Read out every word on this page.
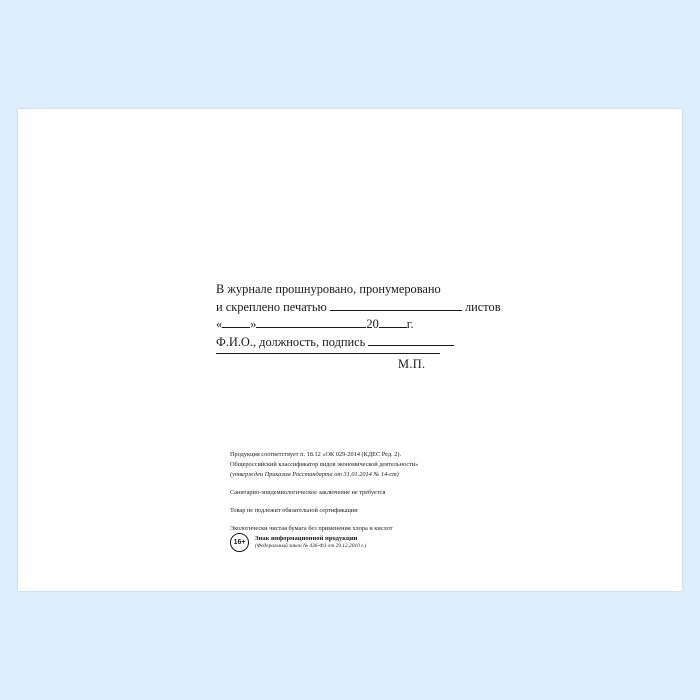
В журнале прошнуровано, пронумеровано
и скреплено печатью	листов
« »	20 г.
Ф.И.О., должность, подпись
М.П.

Продукция соответствует п. 18.12 «ОК 029-2014 (КДЕС Ред. 2).

Общероссийский классификатор видов экономической деятельности»

(утвержден Приказом Росстандарта от 31.01.2014 № 14-ст)

Санитарно-эпидемиологическое заключение не требуется

Товар не подлежит обязательной сертификации

Экологически чистая бумага без применения хлора и кислот

16+
Знак информационной продукции
(Федеральный закон № 436-ФЗ от 29.12.2010 г.)
